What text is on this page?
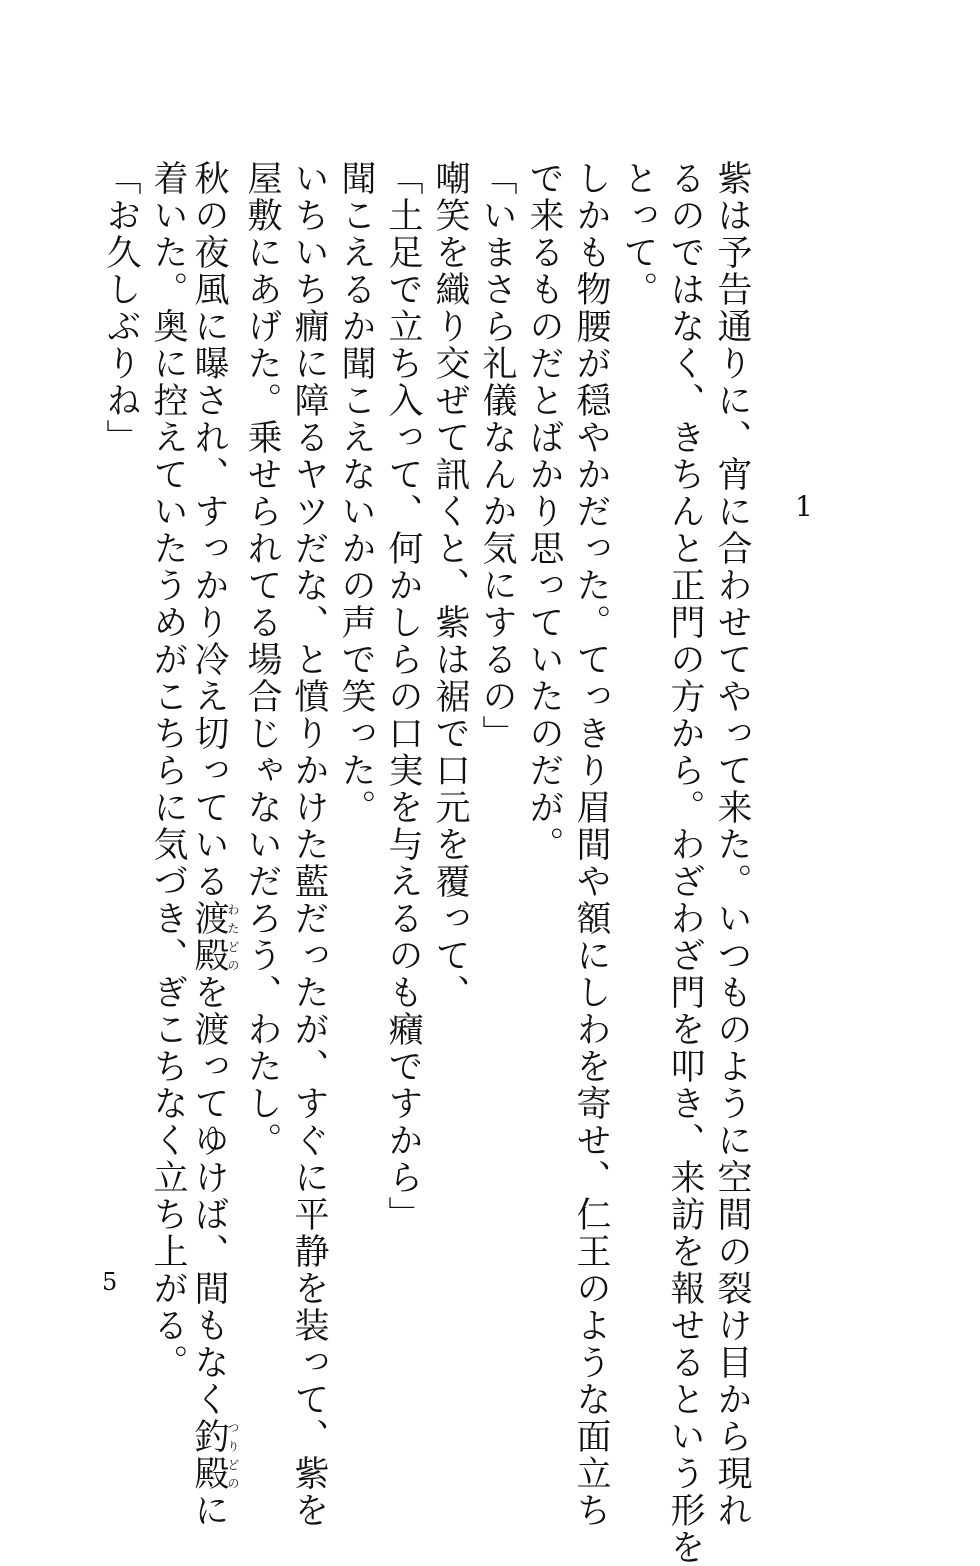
紫は予告通りに、宵に合わせてやって来た。いつものように空間の裂け目から現れ
るのではなく、きちんと正門の方から。わざわざ門を叩き、来訪を報せるという形を
とって。
1
しかも物腰が穏やかだった。てっきり眉間や額にしわを寄せ、仁王のような面立ち
で来るものだとばかり思っていたのだが。
「いまさら礼儀なんか気にするの」
嘲笑を織り交ぜて訊くと、紫は裾で口元を覆って、
「土足で立ち入って、何かしらの口実を与えるのも癪ですから」
聞こえるか聞こえないかの声で笑った。
いちいち癇に障るヤツだな、と憤りかけた藍だったが、すぐに平静を装って、紫を
屋敷にあげた。乗せられてる場合じゃないだろう、わたし。
秋の夜風に曝され、すっかり冷え切っている渡殿わたどのを渡ってゆけば、間もなく釣殿つりどのに
着いた。奥に控えていたうめがこちらに気づき、ぎこちなく立ち上がる。
「お久しぶりね」
5
